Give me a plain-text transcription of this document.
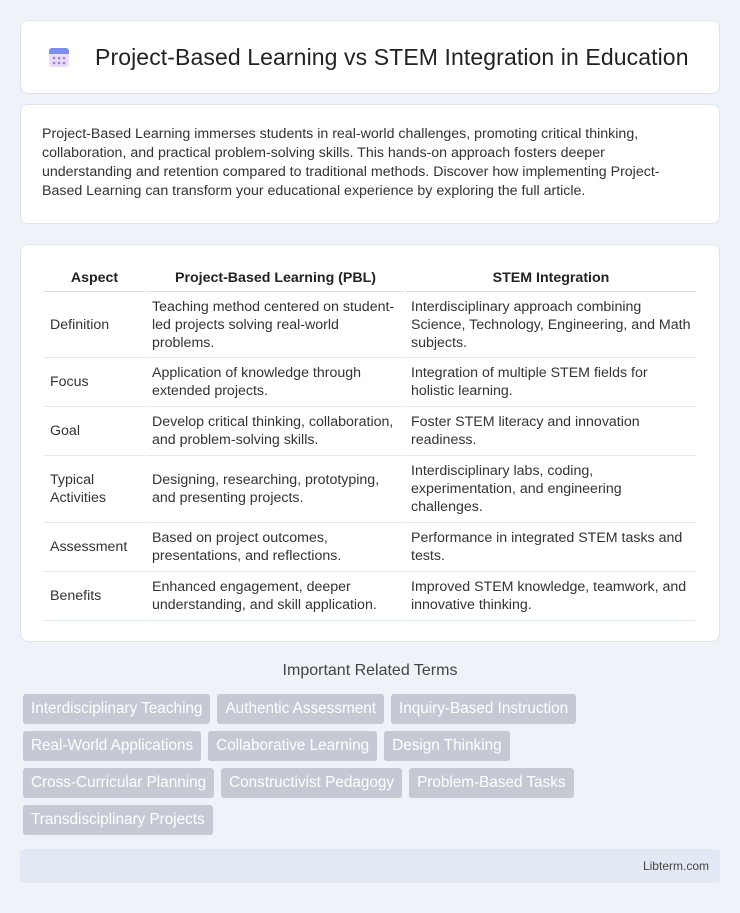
Project-Based Learning vs STEM Integration in Education

Project-Based Learning immerses students in real-world challenges, promoting critical thinking, collaboration, and practical problem-solving skills. This hands-on approach fosters deeper understanding and retention compared to traditional methods. Discover how implementing Project-Based Learning can transform your educational experience by exploring the full article.

Aspect	Project-Based Learning (PBL)	STEM Integration
Definition	Teaching method centered on student-led projects solving real-world problems.	Interdisciplinary approach combining Science, Technology, Engineering, and Math subjects.
Focus	Application of knowledge through extended projects.	Integration of multiple STEM fields for holistic learning.
Goal	Develop critical thinking, collaboration, and problem-solving skills.	Foster STEM literacy and innovation readiness.
Typical Activities	Designing, researching, prototyping, and presenting projects.	Interdisciplinary labs, coding, experimentation, and engineering challenges.
Assessment	Based on project outcomes, presentations, and reflections.	Performance in integrated STEM tasks and tests.
Benefits	Enhanced engagement, deeper understanding, and skill application.	Improved STEM knowledge, teamwork, and innovative thinking.
Important Related Terms
Interdisciplinary Teaching	Authentic Assessment	Inquiry-Based Instruction
Real-World Applications	Collaborative Learning	Design Thinking
Cross-Curricular Planning	Constructivist Pedagogy	Problem-Based Tasks
Transdisciplinary Projects
Libterm.com
